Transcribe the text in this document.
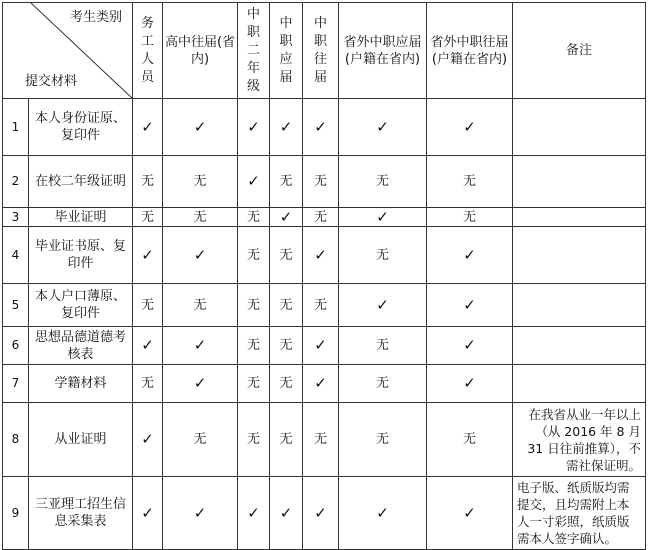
考生类别
提交材料		务工人员	高中往届(省内)	中职二年级	中职应届	中职往届	省外中职应届(户籍在省内)	省外中职往届(户籍在省内)	备注
1	本人身份证原、复印件	✓	✓	✓	✓	✓	✓	✓	
2	在校二年级证明	无	无	✓	无	无	无	无	
3	毕业证明	无	无	无	✓	无	✓	无	
4	毕业证书原、复印件	✓	✓	无	无	✓	无	✓	
5	本人户口薄原、复印件	无	无	无	无	无	✓	✓	
6	思想品德道德考核表	✓	✓	无	无	✓	无	✓	
7	学籍材料	无	✓	无	无	✓	无	✓	
8	从业证明	✓	无	无	无	无	无	无	在我省从业一年以上（从 2016 年 8 月 31 日往前推算），不需社保证明。
9	三亚理工招生信息采集表	✓	✓	✓	✓	✓	✓	✓	电子版、纸质版均需提交，且均需附上本人一寸彩照，纸质版需本人签字确认。
